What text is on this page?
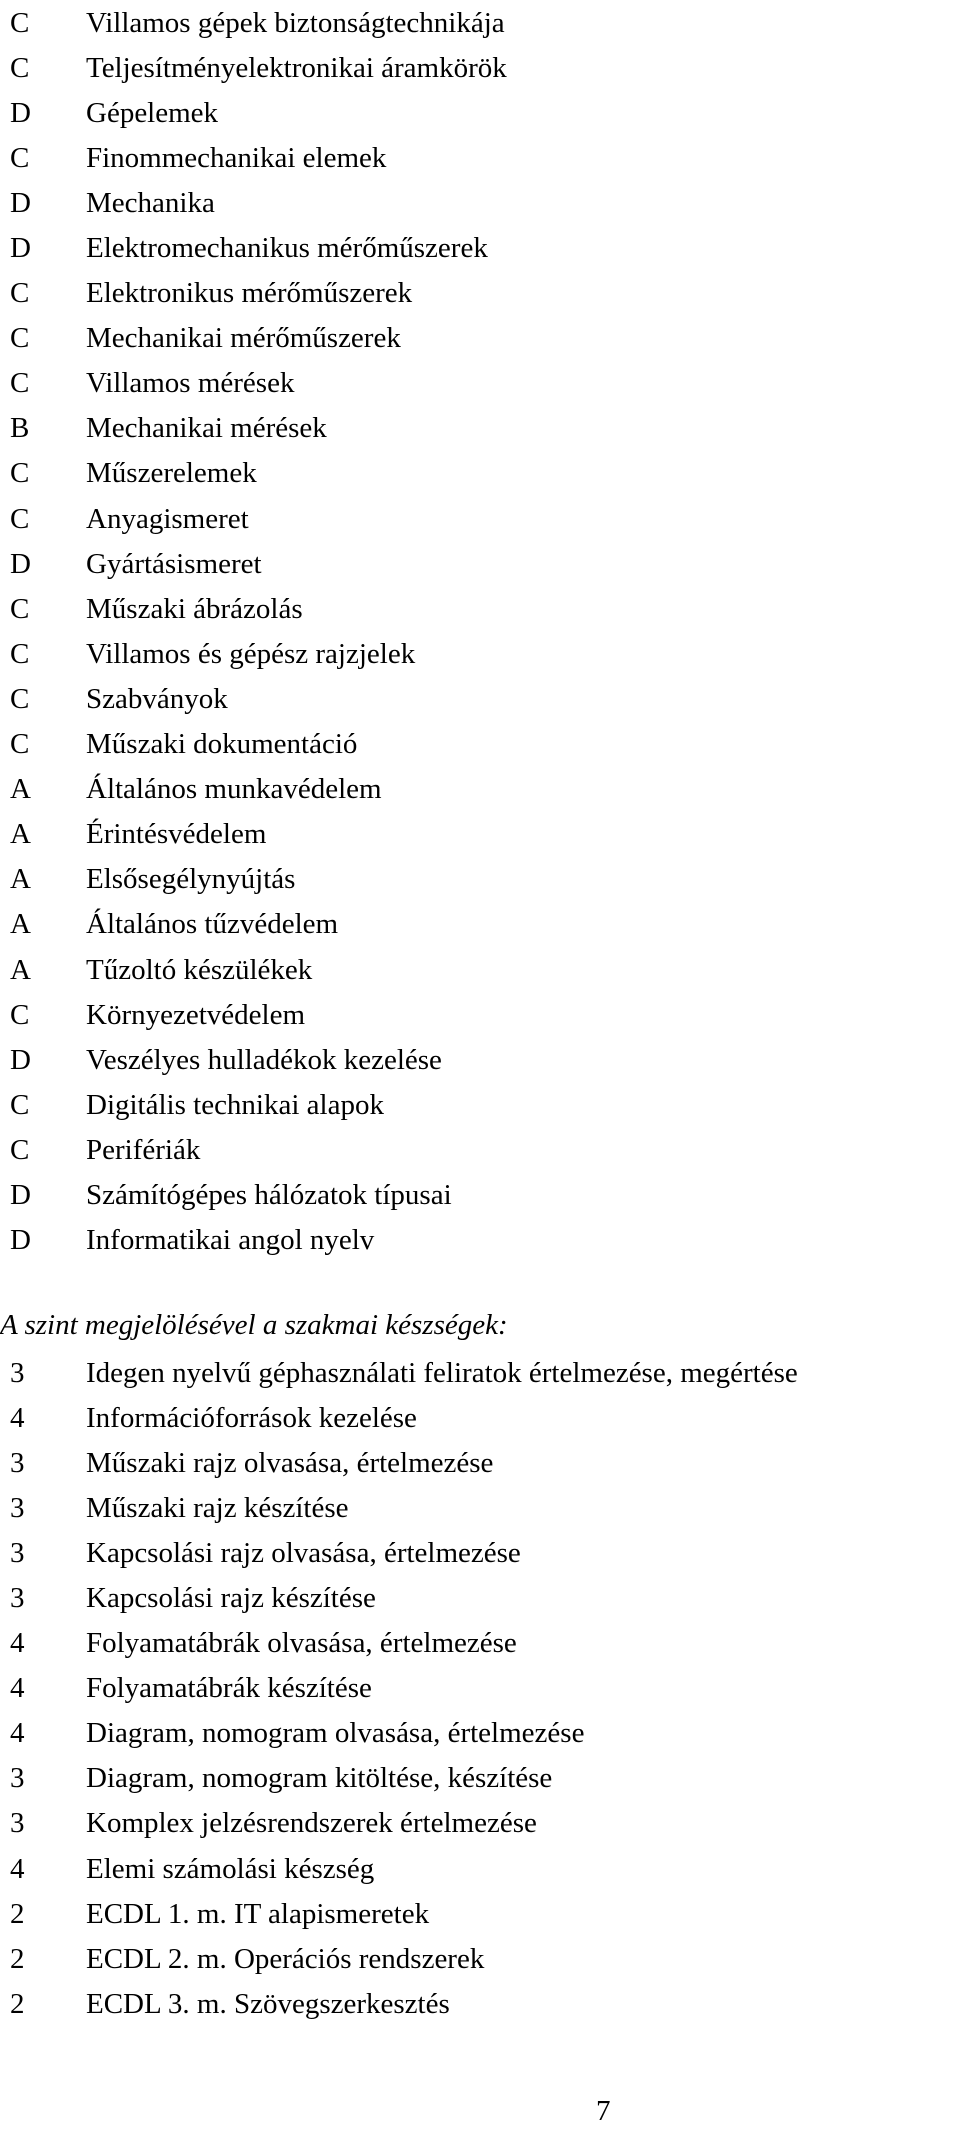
C	Villamos gépek biztonságtechnikája
C	Teljesítményelektronikai áramkörök
D	Gépelemek
C	Finommechanikai elemek
D	Mechanika
D	Elektromechanikus mérőműszerek
C	Elektronikus mérőműszerek
C	Mechanikai mérőműszerek
C	Villamos mérések
B	Mechanikai mérések
C	Műszerelemek
C	Anyagismeret
D	Gyártásismeret
C	Műszaki ábrázolás
C	Villamos és gépész rajzjelek
C	Szabványok
C	Műszaki dokumentáció
A	Általános munkavédelem
A	Érintésvédelem
A	Elsősegélynyújtás
A	Általános tűzvédelem
A	Tűzoltó készülékek
C	Környezetvédelem
D	Veszélyes hulladékok kezelése
C	Digitális technikai alapok
C	Perifériák
D	Számítógépes hálózatok típusai
D	Informatikai angol nyelv
A szint megjelölésével a szakmai készségek:
3	Idegen nyelvű géphasználati feliratok értelmezése, megértése
4	Információforrások kezelése
3	Műszaki rajz olvasása, értelmezése
3	Műszaki rajz készítése
3	Kapcsolási rajz olvasása, értelmezése
3	Kapcsolási rajz készítése
4	Folyamatábrák olvasása, értelmezése
4	Folyamatábrák készítése
4	Diagram, nomogram olvasása, értelmezése
3	Diagram, nomogram kitöltése, készítése
3	Komplex jelzésrendszerek értelmezése
4	Elemi számolási készség
2	ECDL 1. m. IT alapismeretek
2	ECDL 2. m. Operációs rendszerek
2	ECDL 3. m. Szövegszerkesztés
7
